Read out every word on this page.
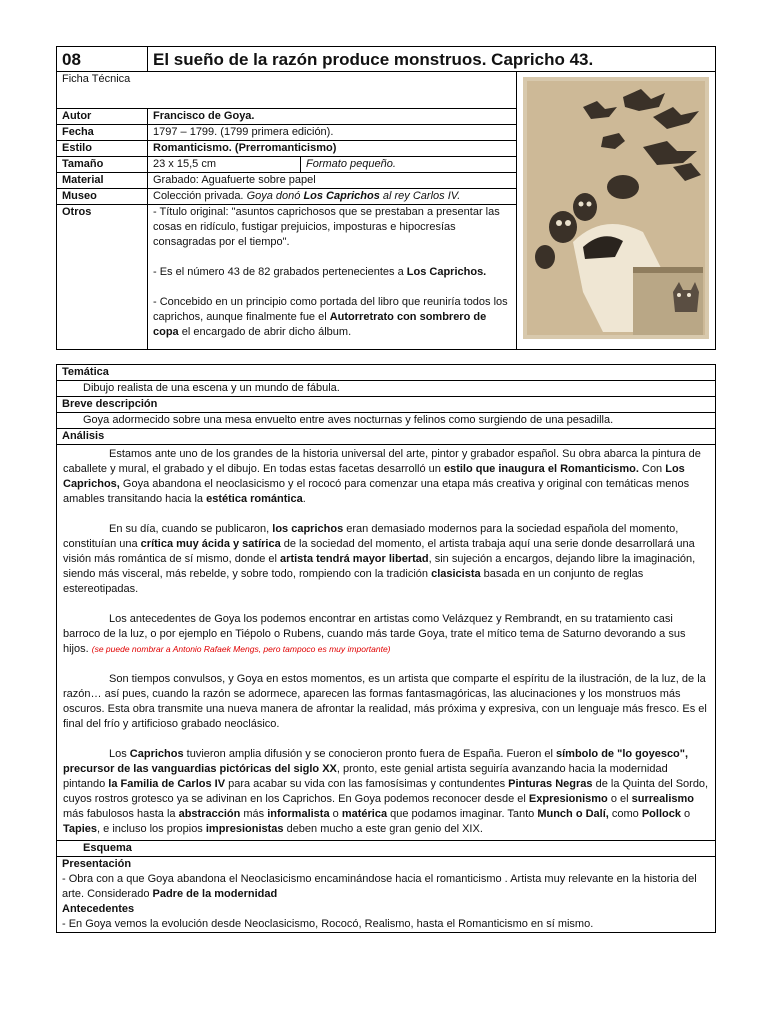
08	El sueño de la razón produce monstruos. Capricho 43.		
Ficha Técnica	
Autor	Francisco de Goya.		
Fecha	1797 – 1799. (1799 primera edición).		
Estilo	Romanticismo. (Prerromanticismo)		
Tamaño	23 x 15,5 cm	Formato pequeño.	
Material	Grabado: Aguafuerte sobre papel		
Museo	Colección privada. Goya donó Los Caprichos al rey Carlos IV.		
Otros	- Título original: "asuntos caprichosos que se prestaban a presentar las cosas en ridículo, fustigar prejuicios, imposturas e hipocresías consagradas por el tiempo".

- Es el número 43 de 82 grabados pertenecientes a Los Caprichos.

- Concebido en un principio como portada del libro que reuniría todos los caprichos, aunque finalmente fue el Autorretrato con sombrero de copa el encargado de abrir dicho álbum.		

Temática
Dibujo realista de una escena y un mundo de fábula.
Breve descripción
Goya adormecido sobre una mesa envuelto entre aves nocturnas y felinos como surgiendo de una pesadilla.
Análisis

Estamos ante uno de los grandes de la historia universal del arte, pintor y grabador español. Su obra abarca la pintura de caballete y mural, el grabado y el dibujo. En todas estas facetas desarrolló un estilo que inaugura el Romanticismo. Con Los Caprichos, Goya abandona el neoclasicismo y el rococó para comenzar una etapa más creativa y original con temáticas menos amables transitando hacia la estética romántica.

En su día, cuando se publicaron, los caprichos eran demasiado modernos para la sociedad española del momento, constituían una crítica muy ácida y satírica de la sociedad del momento, el artista trabaja aquí una serie donde desarrollará una visión más romántica de sí mismo, donde el artista tendrá mayor libertad, sin sujeción a encargos, dejando libre la imaginación, siendo más visceral, más rebelde, y sobre todo, rompiendo con la tradición clasicista basada en un conjunto de reglas estereotipadas.

Los antecedentes de Goya los podemos encontrar en artistas como Velázquez y Rembrandt, en su tratamiento casi barroco de la luz, o por ejemplo en Tiépolo o Rubens, cuando más tarde Goya, trate el mítico tema de Saturno devorando a sus hijos. (se puede nombrar a Antonio Rafaek Mengs, pero tampoco es muy importante)

Son tiempos convulsos, y Goya en estos momentos, es un artista que comparte el espíritu de la ilustración, de la luz, de la razón… así pues, cuando la razón se adormece, aparecen las formas fantasmagóricas, las alucinaciones y los monstruos más oscuros. Esta obra transmite una nueva manera de afrontar la realidad, más próxima y expresiva, con un lenguaje más fresco. Es el final del frío y artificioso grabado neoclásico.

Los Caprichos tuvieron amplia difusión y se conocieron pronto fuera de España. Fueron el símbolo de "lo goyesco", precursor de las vanguardias pictóricas del siglo XX, pronto, este genial artista seguiría avanzando hacia la modernidad pintando la Familia de Carlos IV para acabar su vida con las famosísimas y contundentes Pinturas Negras de la Quinta del Sordo, cuyos rostros grotesco ya se adivinan en los Caprichos. En Goya podemos reconocer desde el Expresionismo o el surrealismo más fabulosos hasta la abstracción más informalista o matérica que podamos imaginar. Tanto Munch o Dalí, como Pollock o Tapies, e incluso los propios impresionistas deben mucho a este gran genio del XIX.

Esquema
Presentación
- Obra con a que Goya abandona el Neoclasicismo encaminándose hacia el romanticismo . Artista muy relevante en la historia del arte. Considerado Padre de la modernidad
Antecedentes
- En Goya vemos la evolución desde Neoclasicismo, Rococó, Realismo, hasta el Romanticismo en sí mismo.
